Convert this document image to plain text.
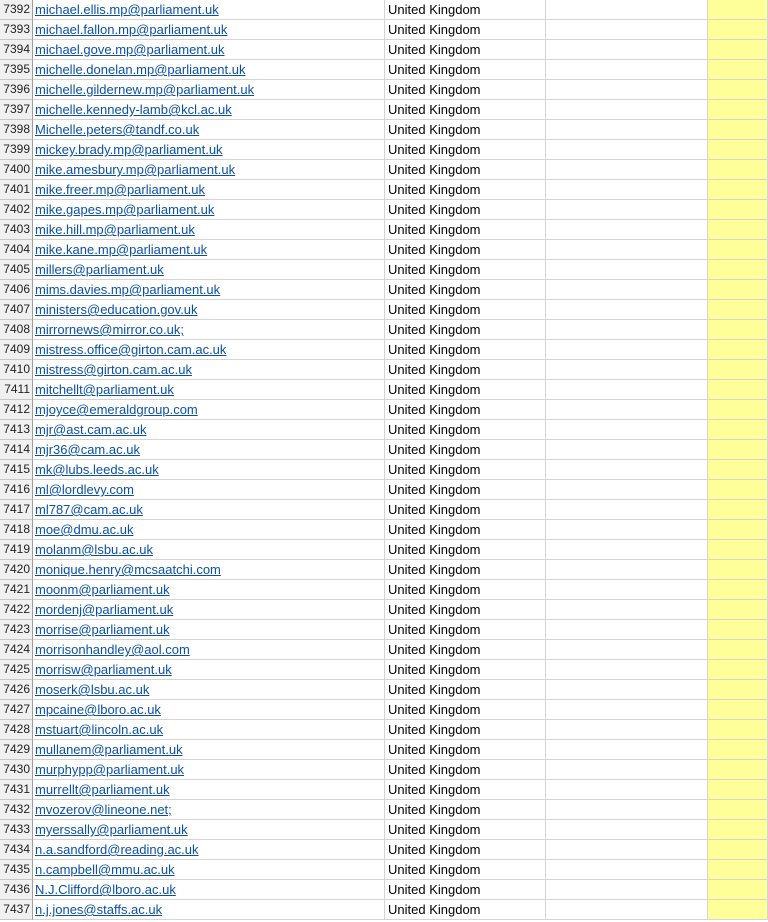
7392 michael.ellis.mp@parliament.uk	United Kingdom
7393 michael.fallon.mp@parliament.uk	United Kingdom
7394 michael.gove.mp@parliament.uk	United Kingdom
7395 michelle.donelan.mp@parliament.uk	United Kingdom
7396 michelle.gildernew.mp@parliament.uk	United Kingdom
7397 michelle.kennedy-lamb@kcl.ac.uk	United Kingdom
7398 Michelle.peters@tandf.co.uk	United Kingdom
7399 mickey.brady.mp@parliament.uk	United Kingdom
7400 mike.amesbury.mp@parliament.uk	United Kingdom
7401 mike.freer.mp@parliament.uk	United Kingdom
7402 mike.gapes.mp@parliament.uk	United Kingdom
7403 mike.hill.mp@parliament.uk	United Kingdom
7404 mike.kane.mp@parliament.uk	United Kingdom
7405 millers@parliament.uk	United Kingdom
7406 mims.davies.mp@parliament.uk	United Kingdom
7407 ministers@education.gov.uk	United Kingdom
7408 mirrornews@mirror.co.uk;	United Kingdom
7409 mistress.office@girton.cam.ac.uk	United Kingdom
7410 mistress@girton.cam.ac.uk	United Kingdom
7411 mitchellt@parliament.uk	United Kingdom
7412 mjoyce@emeraldgroup.com	United Kingdom
7413 mjr@ast.cam.ac.uk	United Kingdom
7414 mjr36@cam.ac.uk	United Kingdom
7415 mk@lubs.leeds.ac.uk	United Kingdom
7416 ml@lordlevy.com	United Kingdom
7417 ml787@cam.ac.uk	United Kingdom
7418 moe@dmu.ac.uk	United Kingdom
7419 molanm@lsbu.ac.uk	United Kingdom
7420 monique.henry@mcsaatchi.com	United Kingdom
7421 moonm@parliament.uk	United Kingdom
7422 mordenj@parliament.uk	United Kingdom
7423 morrise@parliament.uk	United Kingdom
7424 morrisonhandley@aol.com	United Kingdom
7425 morrisw@parliament.uk	United Kingdom
7426 moserk@lsbu.ac.uk	United Kingdom
7427 mpcaine@lboro.ac.uk	United Kingdom
7428 mstuart@lincoln.ac.uk	United Kingdom
7429 mullanem@parliament.uk	United Kingdom
7430 murphypp@parliament.uk	United Kingdom
7431 murrellt@parliament.uk	United Kingdom
7432 mvozerov@lineone.net;	United Kingdom
7433 myerssally@parliament.uk	United Kingdom
7434 n.a.sandford@reading.ac.uk	United Kingdom
7435 n.campbell@mmu.ac.uk	United Kingdom
7436 N.J.Clifford@lboro.ac.uk	United Kingdom
7437 n.j.jones@staffs.ac.uk	United Kingdom
